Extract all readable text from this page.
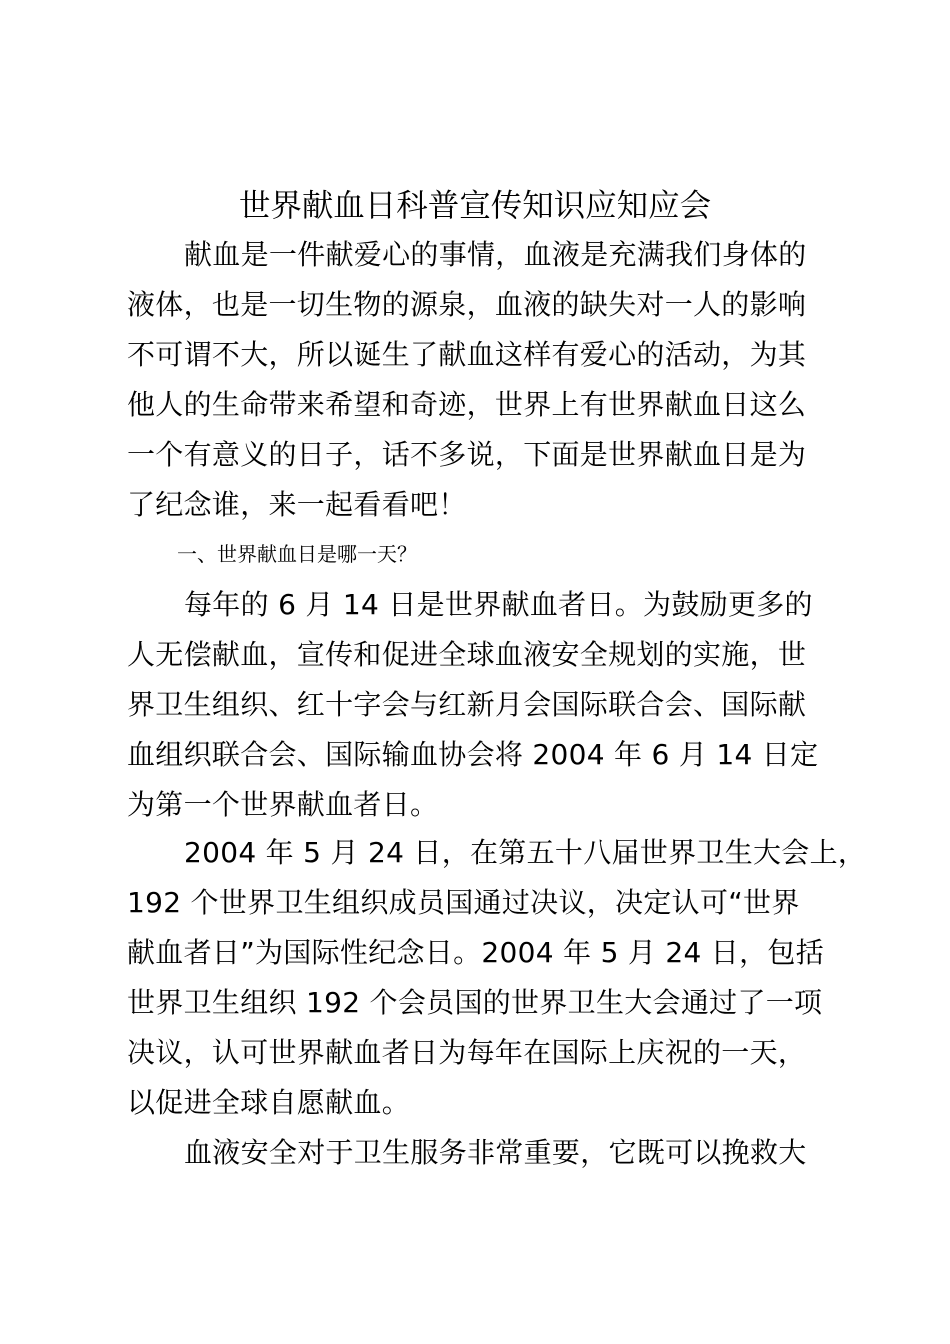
世界献血日科普宣传知识应知应会
献血是一件献爱心的事情，血液是充满我们身体的
液体，也是一切生物的源泉，血液的缺失对一人的影响
不可谓不大，所以诞生了献血这样有爱心的活动，为其
他人的生命带来希望和奇迹，世界上有世界献血日这么
一个有意义的日子，话不多说，下面是世界献血日是为
了纪念谁，来一起看看吧！
一、世界献血日是哪一天？
每年的 6 月 14 日是世界献血者日。为鼓励更多的
人无偿献血，宣传和促进全球血液安全规划的实施，世
界卫生组织、红十字会与红新月会国际联合会、国际献
血组织联合会、国际输血协会将 2004 年 6 月 14 日定
为第一个世界献血者日。
2004 年 5 月 24 日，在第五十八届世界卫生大会上，
192 个世界卫生组织成员国通过决议，决定认可“世界
献血者日”为国际性纪念日。2004 年 5 月 24 日，包括
世界卫生组织 192 个会员国的世界卫生大会通过了一项
决议，认可世界献血者日为每年在国际上庆祝的一天，
以促进全球自愿献血。
血液安全对于卫生服务非常重要，它既可以挽救大
